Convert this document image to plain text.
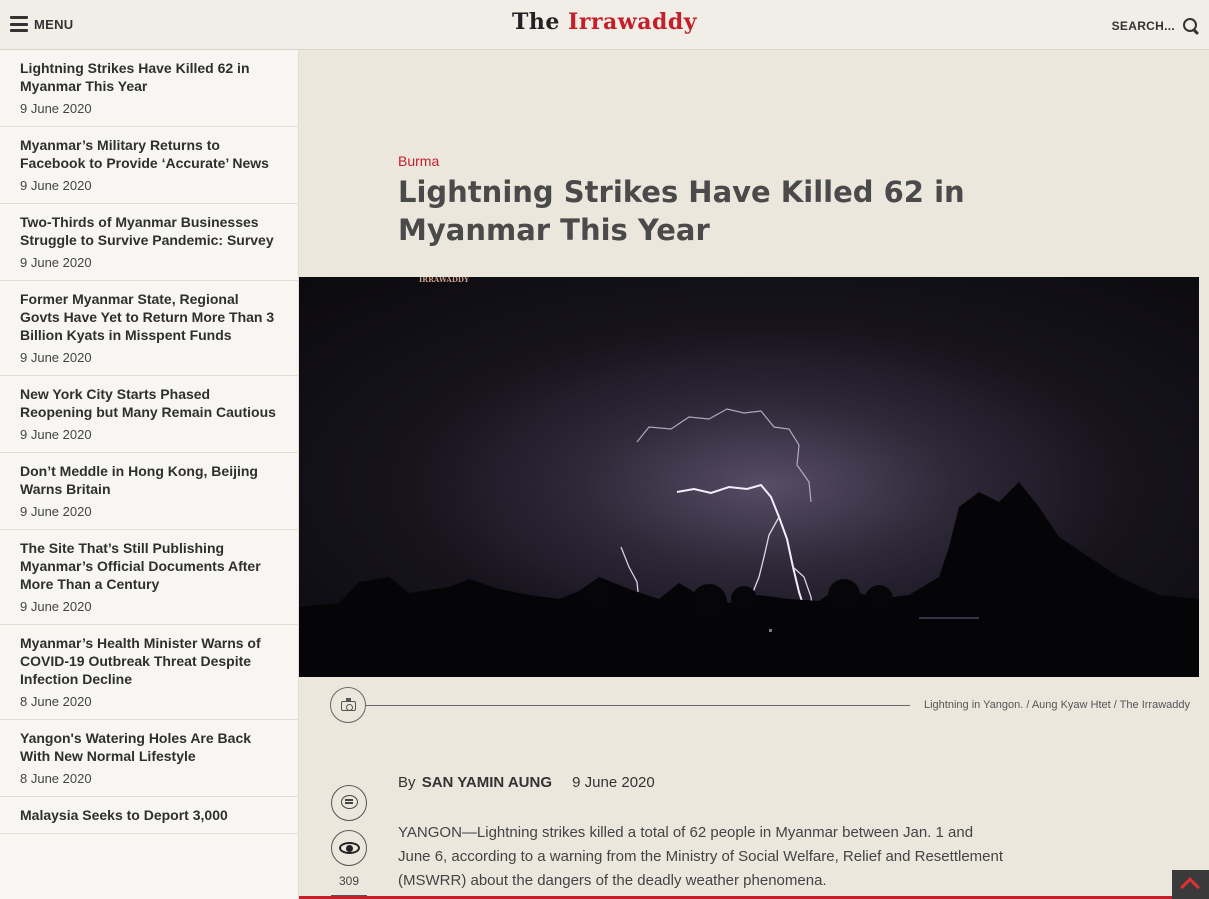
MENU	The Irrawaddy	SEARCH...
Lightning Strikes Have Killed 62 in Myanmar This Year
9 June 2020
Myanmar’s Military Returns to Facebook to Provide ‘Accurate’ News
9 June 2020
Two-Thirds of Myanmar Businesses Struggle to Survive Pandemic: Survey
9 June 2020
Former Myanmar State, Regional Govts Have Yet to Return More Than 3 Billion Kyats in Misspent Funds
9 June 2020
New York City Starts Phased Reopening but Many Remain Cautious
9 June 2020
Don’t Meddle in Hong Kong, Beijing Warns Britain
9 June 2020
The Site That’s Still Publishing Myanmar’s Official Documents After More Than a Century
9 June 2020
Myanmar’s Health Minister Warns of COVID-19 Outbreak Threat Despite Infection Decline
8 June 2020
Yangon's Watering Holes Are Back With New Normal Lifestyle
8 June 2020
Malaysia Seeks to Deport 3,000
Burma
Lightning Strikes Have Killed 62 in Myanmar This Year
IRRAWADDY
Lightning in Yangon. / Aung Kyaw Htet / The Irrawaddy
By SAN YAMIN AUNG 9 June 2020
309

YANGON—Lightning strikes killed a total of 62 people in Myanmar between Jan. 1 and June 6, according to a warning from the Ministry of Social Welfare, Relief and Resettlement (MSWRR) about the dangers of the deadly weather phenomena.
